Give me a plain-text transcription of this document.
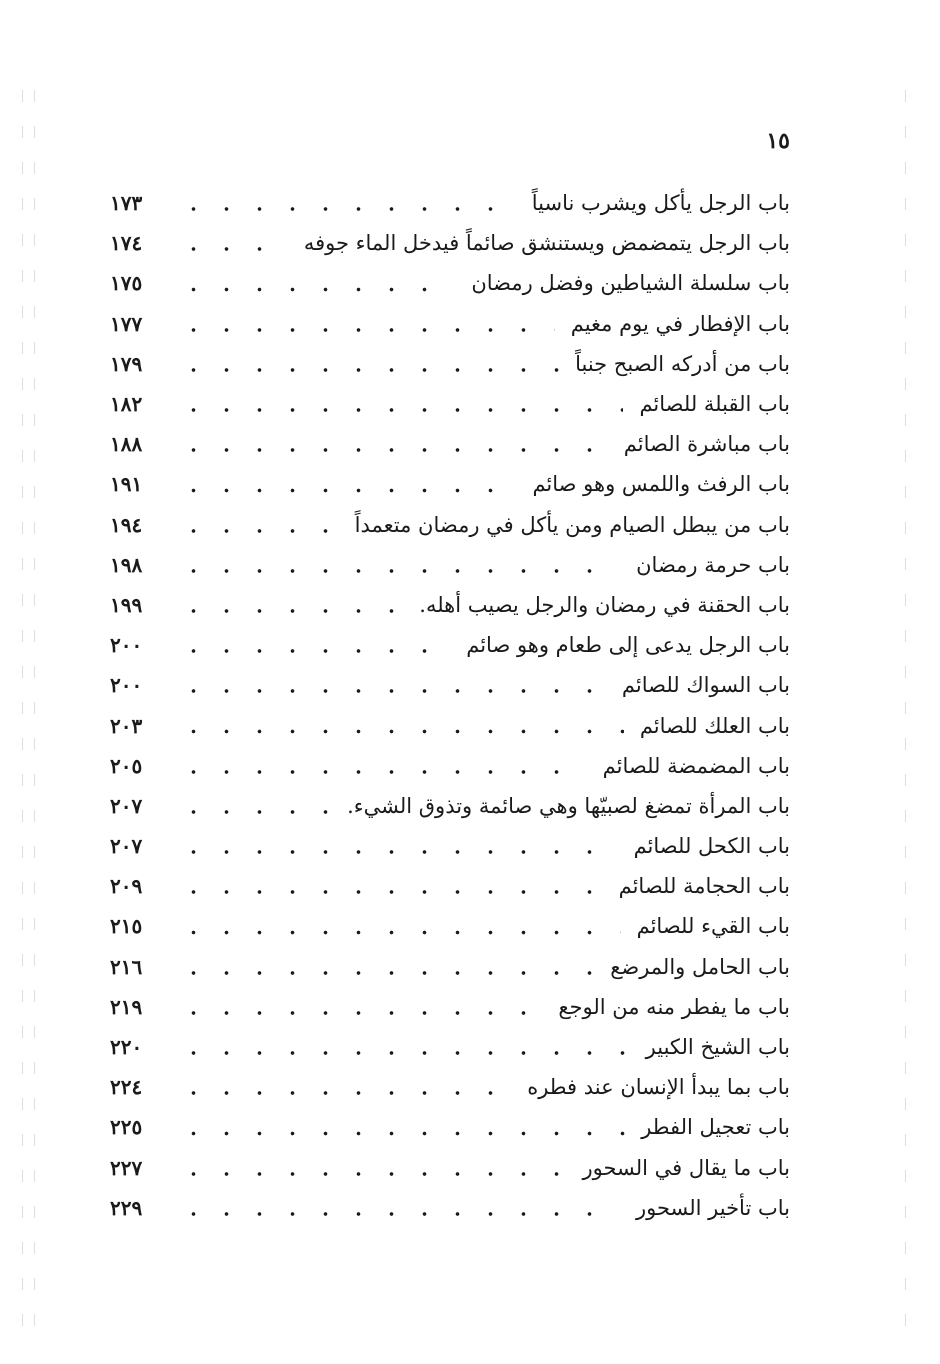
١٥
باب الرجل يأكل ويشرب ناسياً
١٧٣
باب الرجل يتمضمض ويستنشق صائماً فيدخل الماء جوفه
١٧٤
باب سلسلة الشياطين وفضل رمضان
١٧٥
باب الإفطار في يوم مغيم
١٧٧
باب من أدركه الصبح جنباً
١٧٩
باب القبلة للصائم
١٨٢
باب مباشرة الصائم
١٨٨
باب الرفث واللمس وهو صائم
١٩١
باب من يبطل الصيام ومن يأكل في رمضان متعمداً
١٩٤
باب حرمة رمضان
١٩٨
باب الحقنة في رمضان والرجل يصيب أهله.
١٩٩
باب الرجل يدعى إلى طعام وهو صائم
٢٠٠
باب السواك للصائم
٢٠٠
باب العلك للصائم
٢٠٣
باب المضمضة للصائم
٢٠٥
باب المرأة تمضغ لصبيّها وهي صائمة وتذوق الشيء.
٢٠٧
باب الكحل للصائم
٢٠٧
باب الحجامة للصائم
٢٠٩
باب القيء للصائم
٢١٥
باب الحامل والمرضع
٢١٦
باب ما يفطر منه من الوجع
٢١٩
باب الشيخ الكبير
٢٢٠
باب بما يبدأ الإنسان عند فطره
٢٢٤
باب تعجيل الفطر
٢٢٥
باب ما يقال في السحور
٢٢٧
باب تأخير السحور
٢٢٩
